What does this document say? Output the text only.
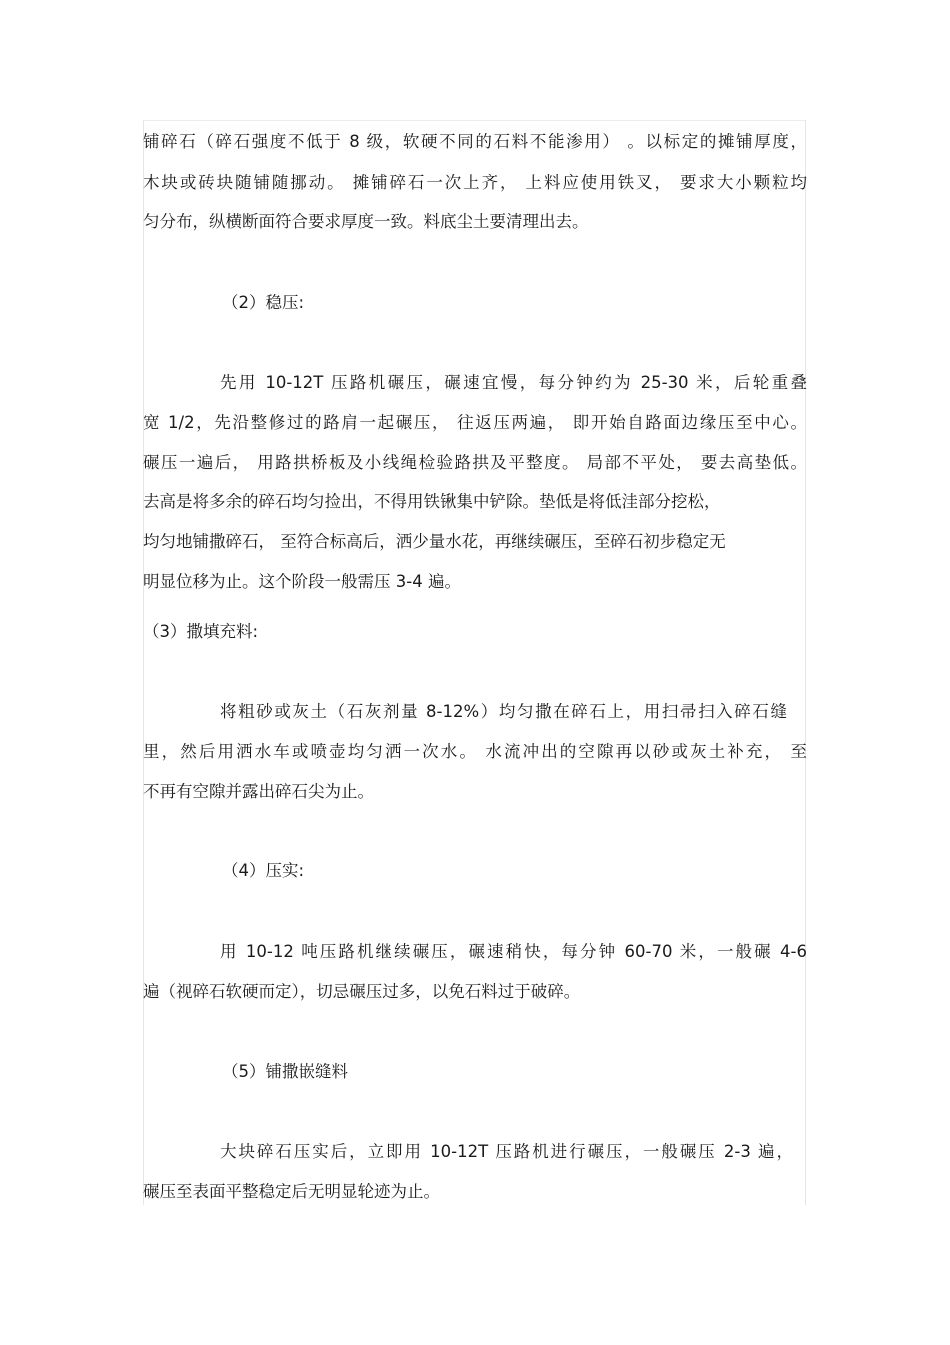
铺碎石（碎石强度不低于 8 级，软硬不同的石料不能渗用） 。以标定的摊铺厚度，
木块或砖块随铺随挪动。 摊铺碎石一次上齐， 上料应使用铁叉， 要求大小颗粒均
匀分布，纵横断面符合要求厚度一致。料底尘土要清理出去。
（2）稳压:
先用 10-12T 压路机碾压，碾速宜慢，每分钟约为 25-30 米，后轮重叠
宽 1/2，先沿整修过的路肩一起碾压， 往返压两遍， 即开始自路面边缘压至中心。
碾压一遍后， 用路拱桥板及小线绳检验路拱及平整度。 局部不平处， 要去高垫低。
去高是将多余的碎石均匀捡出，不得用铁锹集中铲除。垫低是将低洼部分挖松，
均匀地铺撒碎石， 至符合标高后，洒少量水花，再继续碾压，至碎石初步稳定无
明显位移为止。这个阶段一般需压 3-4 遍。
（3）撒填充料:
将粗砂或灰土（石灰剂量 8-12%）均匀撒在碎石上，用扫帚扫入碎石缝
里，然后用洒水车或喷壶均匀洒一次水。 水流冲出的空隙再以砂或灰土补充， 至
不再有空隙并露出碎石尖为止。
（4）压实:
用 10-12 吨压路机继续碾压，碾速稍快，每分钟 60-70 米，一般碾 4-6
遍（视碎石软硬而定），切忌碾压过多，以免石料过于破碎。
（5）铺撒嵌缝料
大块碎石压实后，立即用 10-12T 压路机进行碾压，一般碾压 2-3 遍，
碾压至表面平整稳定后无明显轮迹为止。
